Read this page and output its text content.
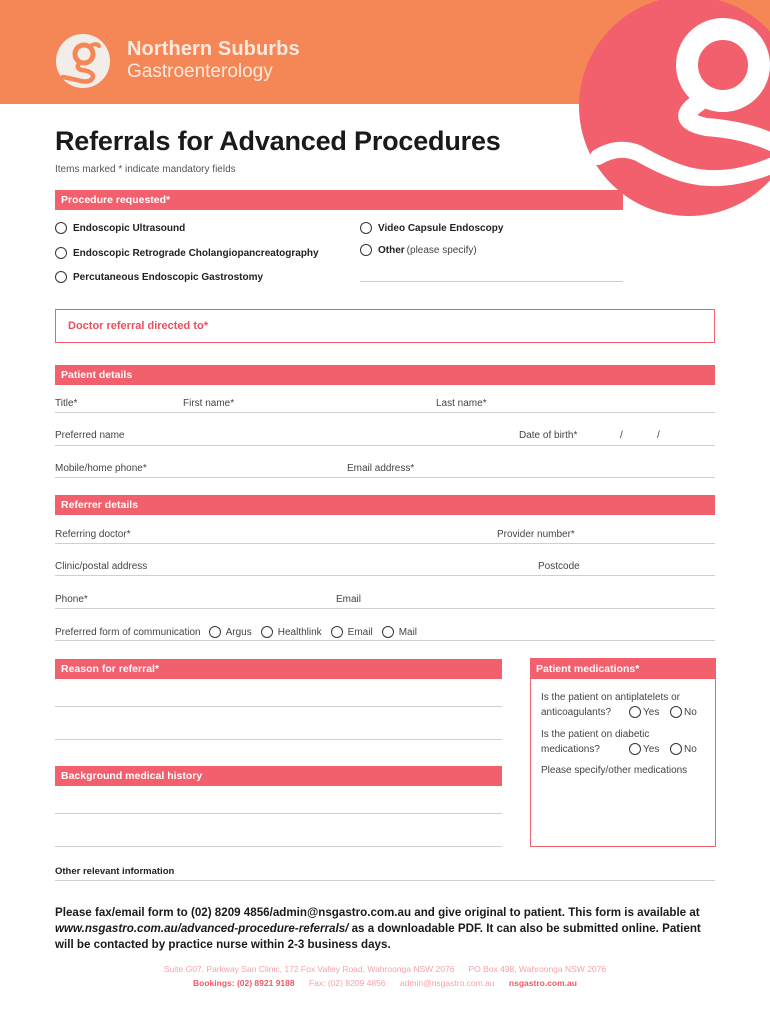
Northern Suburbs
Gastroenterology
Referrals for Advanced Procedures
Items marked * indicate mandatory fields
Procedure requested*
Endoscopic Ultrasound
Endoscopic Retrograde Cholangiopancreatography
Percutaneous Endoscopic Gastrostomy
Video Capsule Endoscopy
Other (please specify)
Doctor referral directed to*
Patient details
Title*	First name*	Last name*
Preferred name	Date of birth*	/	/
Mobile/home phone*	Email address*
Referrer details
Referring doctor*	Provider number*
Clinic/postal address	Postcode
Phone*	Email
Preferred form of communication	Argus	Healthlink	Email	Mail
Reason for referral*
Background medical history
Patient medications*
Is the patient on antiplatelets or
anticoagulants?	Yes No
Is the patient on diabetic
medications?	Yes No
Please specify/other medications
Other relevant information
Please fax/email form to (02) 8209 4856/admin@nsgastro.com.au and give original to patient. This form is available at www.nsgastro.com.au/advanced-procedure-referrals/ as a downloadable PDF. It can also be submitted online. Patient will be contacted by practice nurse within 2-3 business days.
Suite G07, Parkway San Clinic, 172 Fox Valley Road, Wahroonga NSW 2076 PO Box 498, Wahroonga NSW 2076
Bookings: (02) 8921 9188 Fax: (02) 8209 4856 admin@nsgastro.com.au nsgastro.com.au
